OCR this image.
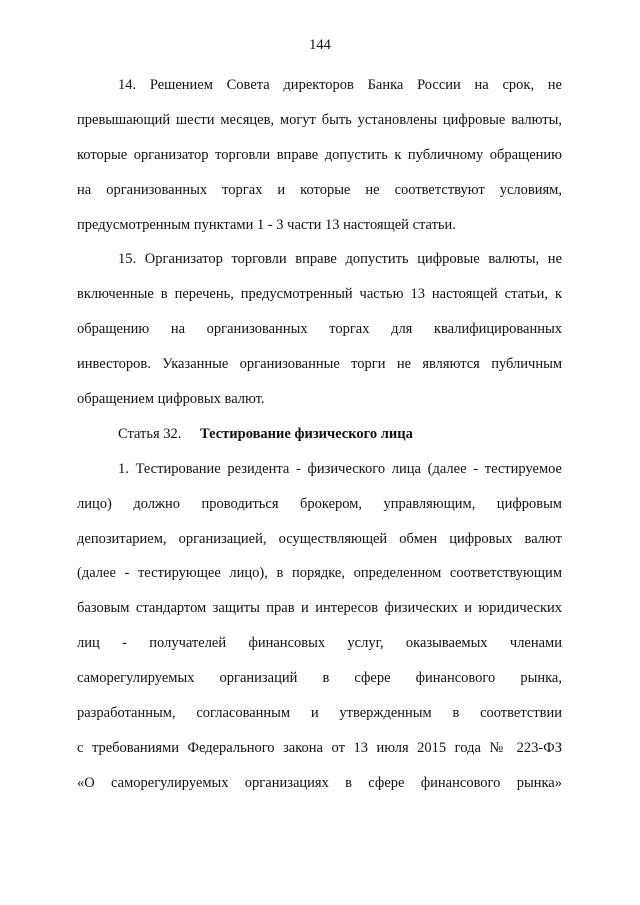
144
14. Решением Совета директоров Банка России на срок, не
превышающий шести месяцев, могут быть установлены цифровые валюты,
которые организатор торговли вправе допустить к публичному обращению
на организованных торгах и которые не соответствуют условиям,
предусмотренным пунктами 1 - 3 части 13 настоящей статьи.
15. Организатор торговли вправе допустить цифровые валюты, не
включенные в перечень, предусмотренный частью 13 настоящей статьи, к
обращению на организованных торгах для квалифицированных
инвесторов. Указанные организованные торги не являются публичным
обращением цифровых валют.
Статья 32.	Тестирование физического лица
1. Тестирование резидента - физического лица (далее - тестируемое
лицо) должно проводиться брокером, управляющим, цифровым
депозитарием, организацией, осуществляющей обмен цифровых валют
(далее - тестирующее лицо), в порядке, определенном соответствующим
базовым стандартом защиты прав и интересов физических и юридических
лиц - получателей финансовых услуг, оказываемых членами
саморегулируемых организаций в сфере финансового рынка,
разработанным, согласованным и утвержденным в соответствии
с требованиями Федерального закона от 13 июля 2015 года № 223-ФЗ
«О саморегулируемых организациях в сфере финансового рынка»
